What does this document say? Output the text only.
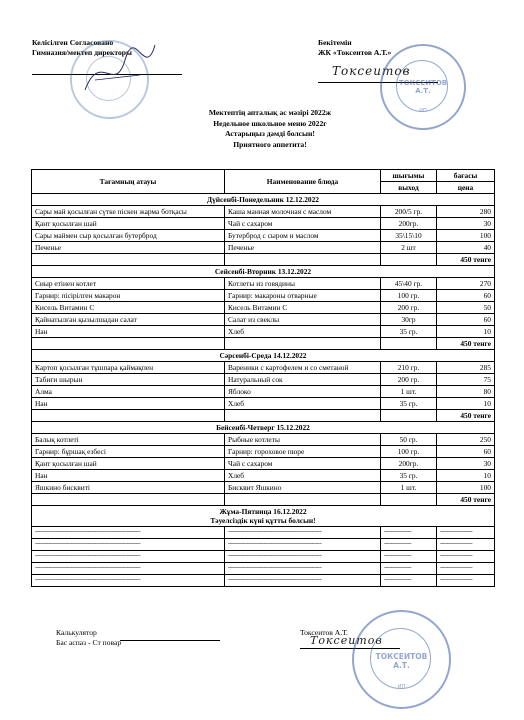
Келісілген Согласовано
Гимназия/мектеп директоры
Бекітемін
ЖК «Токсеитов А.Т.»
Токсеитов
ТОКСЕИТОВ А.Т.
ИП
Мектептің апталық ас мәзірі 2022ж
Недельное школьное меню 2022г
Астарыңыз дәмді болсын!
Приятного аппетита!
Тағамның атауы	Наименование блюда	шығымы	бағасы
		выход	цена
Дүйсенбі-Понедельник 12.12.2022			
Сары май қосылған сүтке піскен жарма ботқасы	Каша манная молочная с маслом	200/5 гр.	280
Қант қосылған шай	Чай с сахаром	200гр.	30
Сары маймен сыр қосылған бутерброд	Бутерброд с сыром и маслом	35\15\10	100
Печенье	Печенье	2 шт	40
			450 тенге
Сейсенбі-Вторник 13.12.2022			
Сиыр етінен котлет	Котлеты из говядины	45\40 гр.	270
Гарнир: пісірілген макарон	Гарнир: макароны отварные	100 гр.	60
Кисель Витамин С	Кисель Витамин С	200 гр.	50
Қайнатылған қызылшадан салат	Салат из свеклы	30гр	60
Нан	Хлеб	35 гр.	10
			450 тенге
Сәрсенбі-Среда 14.12.2022			
Картоп қосылған тұшпара қаймақпен	Вареники с картофелем и со сметаной	210 гр.	285
Табиғи шырын	Натуральный сок	200 гр.	75
Алма	Яблоко	1 шт.	80
Нан	Хлеб	35 гр.	10
			450 тенге
Бейсенбі-Четверг 15.12.2022			
Балық котлеті	Рыбные котлеты	50 гр.	250
Гарнир: бұршақ езбесі	Гарнир: гороховое пюре	100 гр.	60
Қант қосылған шай	Чай с сахаром	200гр.	30
Нан	Хлеб	35 гр.	10
Яшкино бисквиті	Бисквит Яшкино	1 шт.	100
			450 тенге

Жұма-Пятница 16.12.2022
Тәуелсіздік күні құтты болсын!			

--------------------------------------------------------------	-------------------------------------------------------	----------------	-------------------
--------------------------------------------------------------	-------------------------------------------------------	----------------	-------------------
--------------------------------------------------------------	-------------------------------------------------------	----------------	-------------------
--------------------------------------------------------------	-------------------------------------------------------	----------------	-------------------
--------------------------------------------------------------	-------------------------------------------------------	----------------	-------------------
Калькулятор
Бас аспаз - Ст повар
Токсеитов А.Т.
Токсеитов
ТОКСЕИТОВ А.Т.
ИП
